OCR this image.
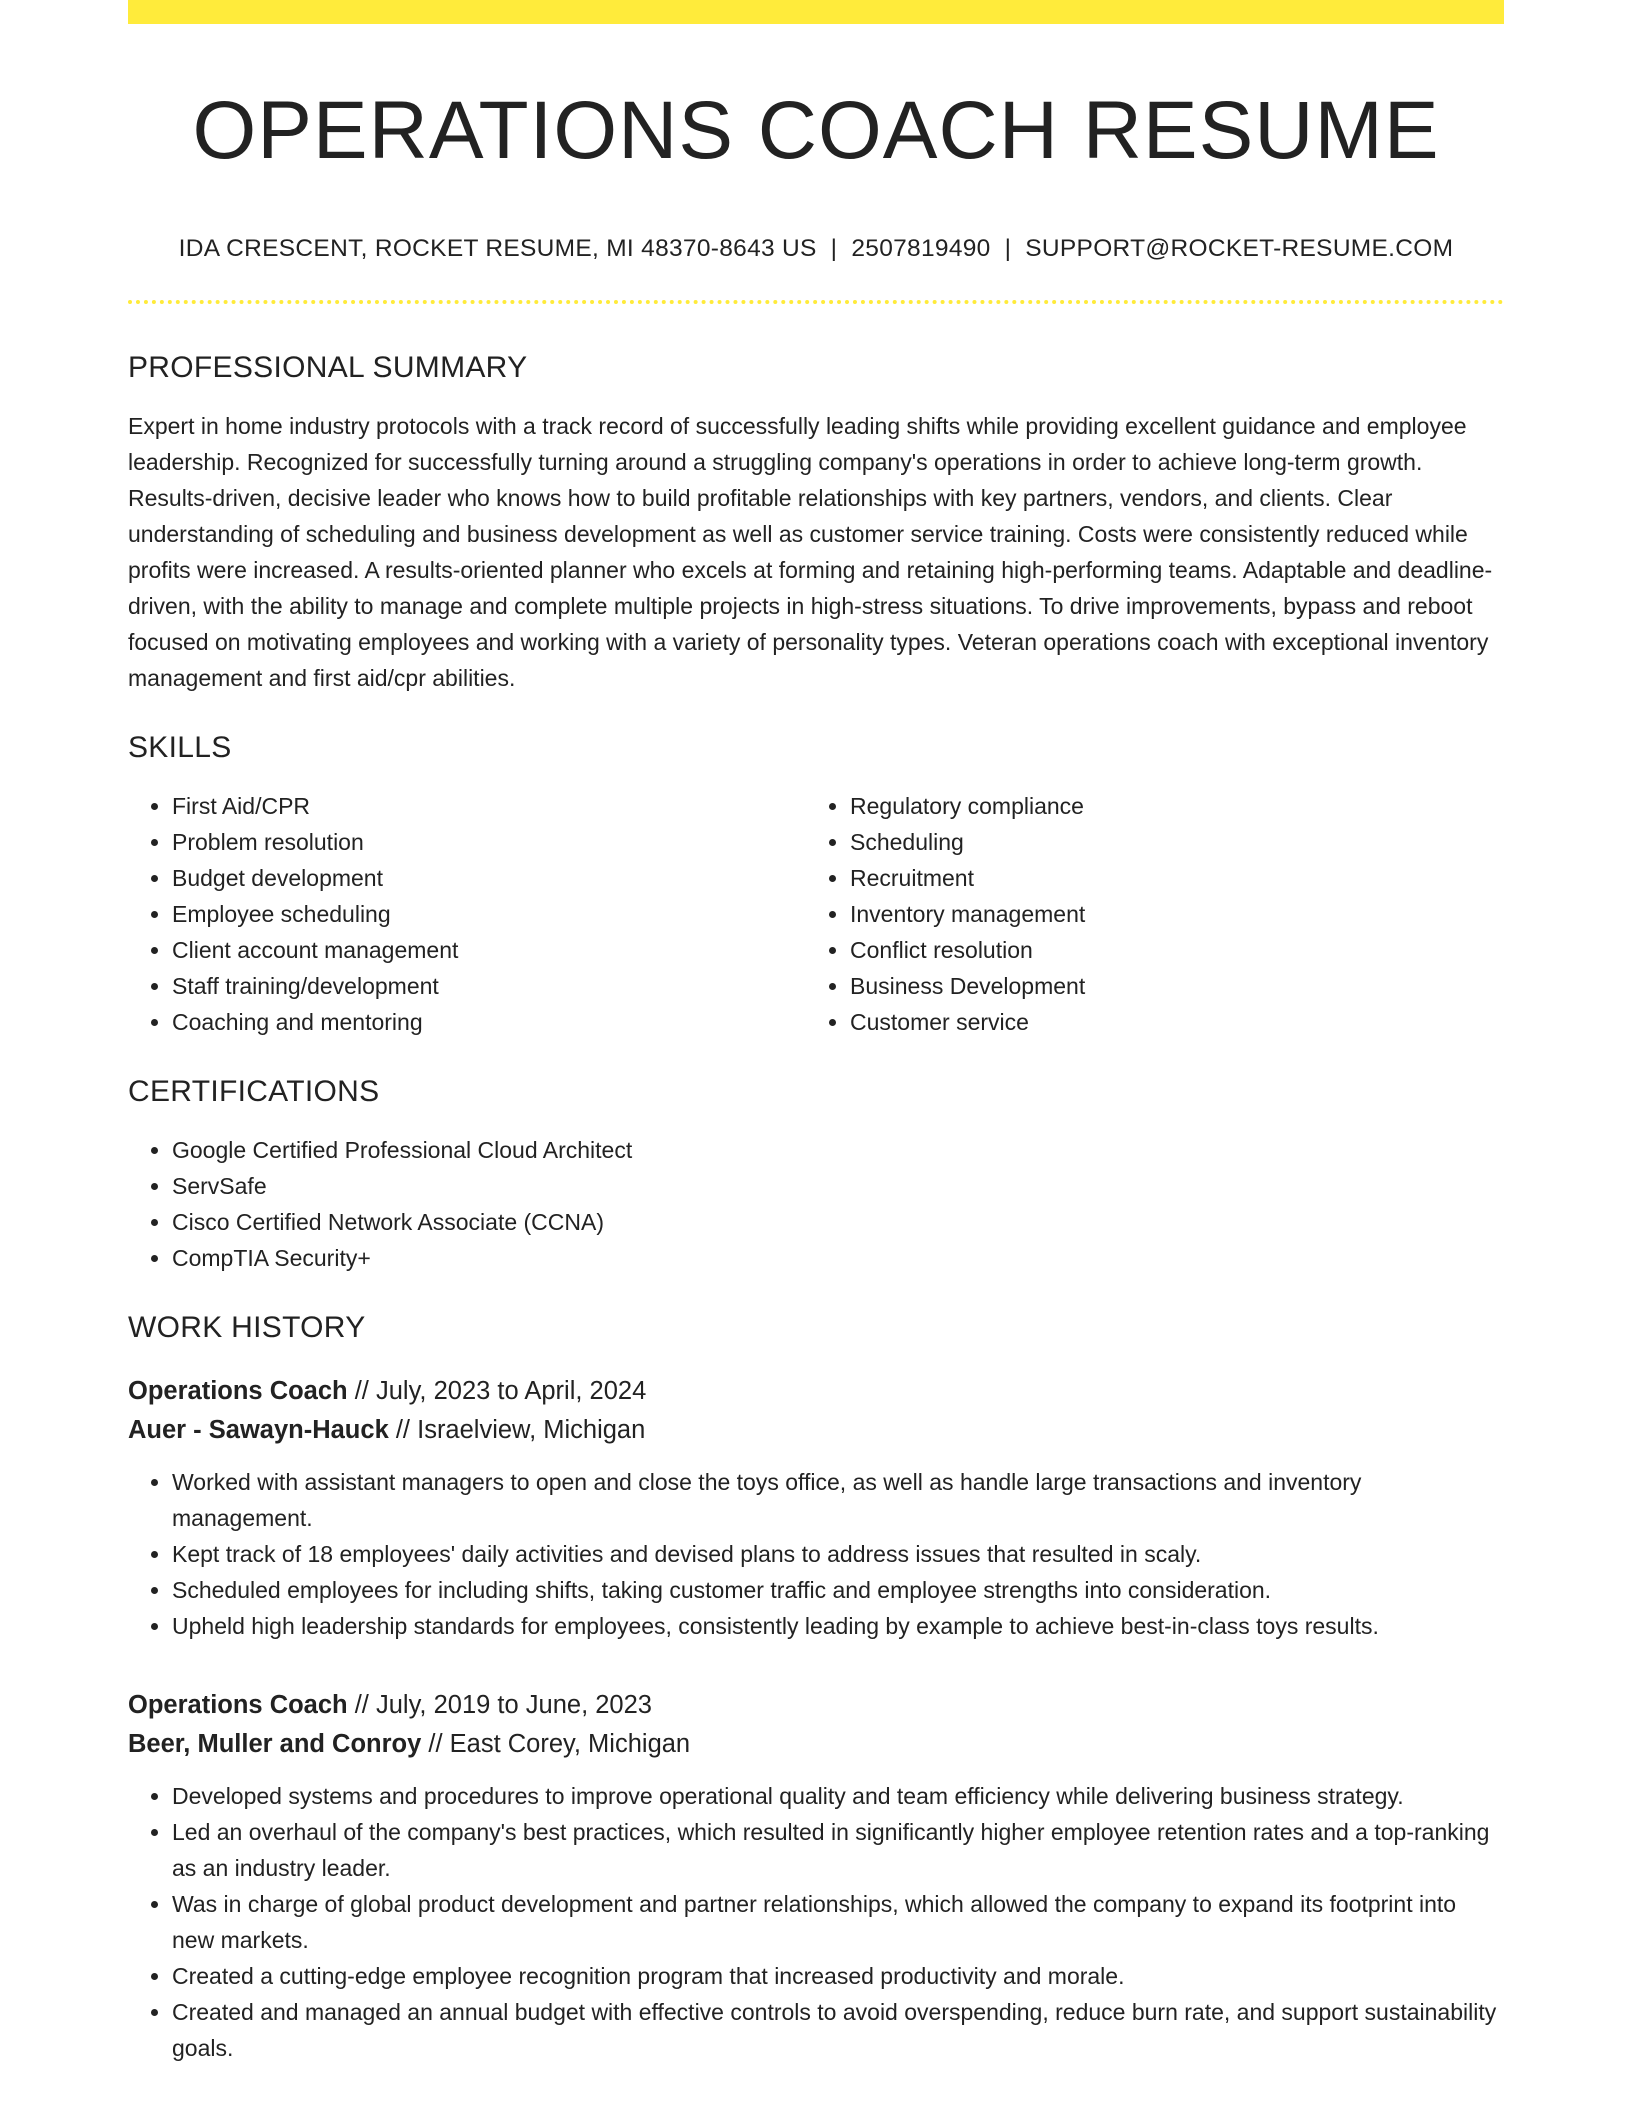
OPERATIONS COACH RESUME
IDA CRESCENT, ROCKET RESUME, MI 48370-8643 US | 2507819490 | SUPPORT@ROCKET-RESUME.COM
PROFESSIONAL SUMMARY

Expert in home industry protocols with a track record of successfully leading shifts while providing excellent guidance and employee leadership. Recognized for successfully turning around a struggling company's operations in order to achieve long-term growth. Results-driven, decisive leader who knows how to build profitable relationships with key partners, vendors, and clients. Clear understanding of scheduling and business development as well as customer service training. Costs were consistently reduced while profits were increased. A results-oriented planner who excels at forming and retaining high-performing teams. Adaptable and deadline-driven, with the ability to manage and complete multiple projects in high-stress situations. To drive improvements, bypass and reboot focused on motivating employees and working with a variety of personality types. Veteran operations coach with exceptional inventory management and first aid/cpr abilities.

SKILLS
• First Aid/CPR
• Problem resolution
• Budget development
• Employee scheduling
• Client account management
• Staff training/development
• Coaching and mentoring
• Regulatory compliance
• Scheduling
• Recruitment
• Inventory management
• Conflict resolution
• Business Development
• Customer service
CERTIFICATIONS
• Google Certified Professional Cloud Architect
• ServSafe
• Cisco Certified Network Associate (CCNA)
• CompTIA Security+
WORK HISTORY
Operations Coach // July, 2023 to April, 2024
Auer - Sawayn-Hauck // Israelview, Michigan
• Worked with assistant managers to open and close the toys office, as well as handle large transactions and inventory management.
• Kept track of 18 employees' daily activities and devised plans to address issues that resulted in scaly.
• Scheduled employees for including shifts, taking customer traffic and employee strengths into consideration.
• Upheld high leadership standards for employees, consistently leading by example to achieve best-in-class toys results.
Operations Coach // July, 2019 to June, 2023
Beer, Muller and Conroy // East Corey, Michigan
• Developed systems and procedures to improve operational quality and team efficiency while delivering business strategy.
• Led an overhaul of the company's best practices, which resulted in significantly higher employee retention rates and a top-ranking as an industry leader.
• Was in charge of global product development and partner relationships, which allowed the company to expand its footprint into new markets.
• Created a cutting-edge employee recognition program that increased productivity and morale.
• Created and managed an annual budget with effective controls to avoid overspending, reduce burn rate, and support sustainability goals.
